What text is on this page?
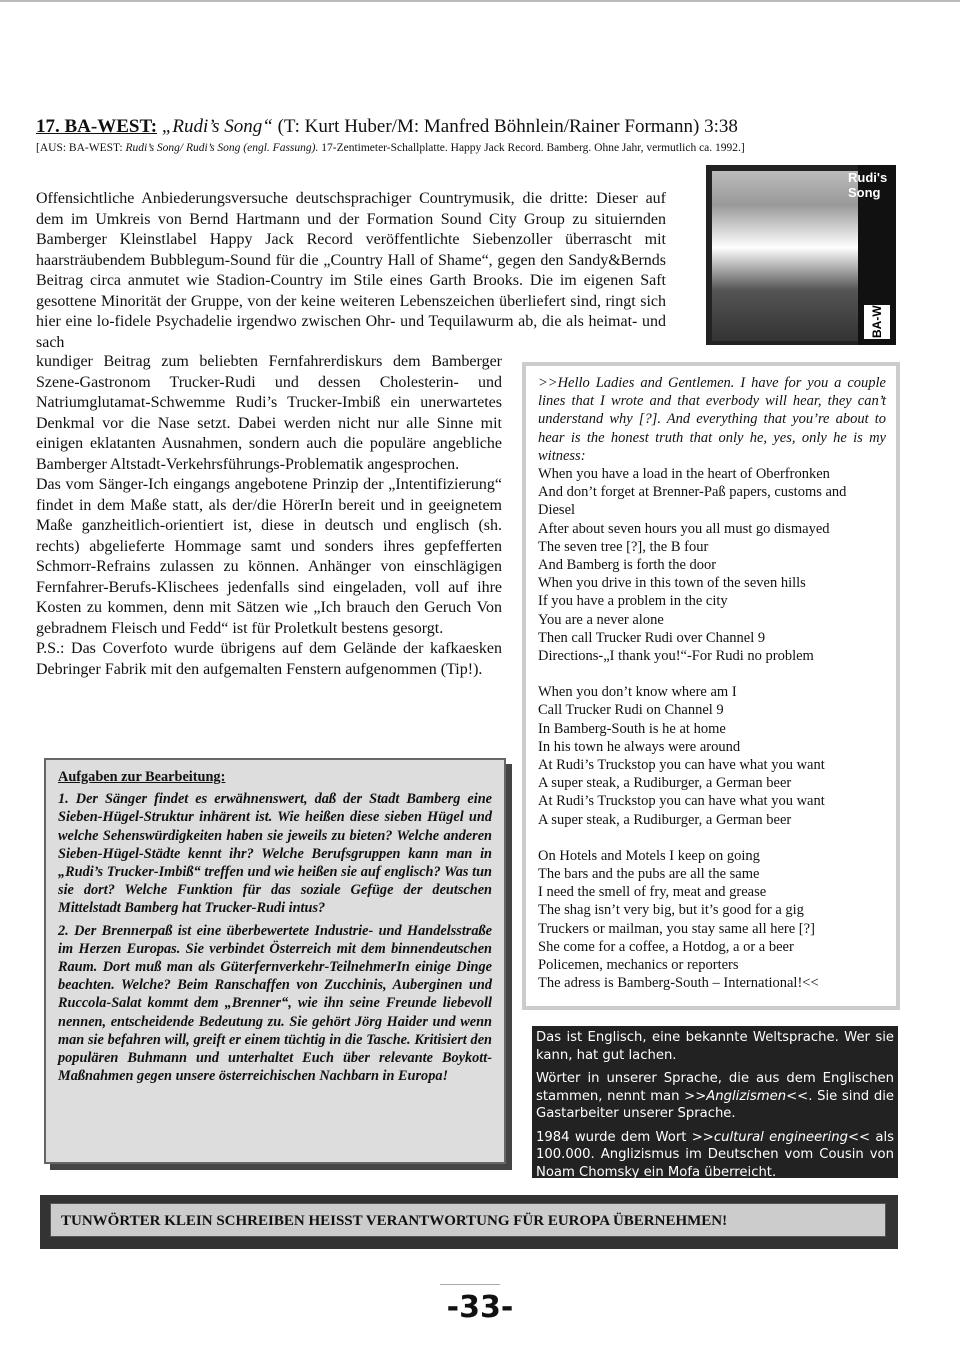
17. BA-WEST: „Rudi’s Song“ (T: Kurt Huber/M: Manfred Böhnlein/Rainer Formann) 3:38
[AUS: BA-WEST: Rudi’s Song/ Rudi’s Song (engl. Fassung). 17-Zentimeter-Schallplatte. Happy Jack Record. Bamberg. Ohne Jahr, vermutlich ca. 1992.]
Rudi's Song
BA-W
Offensichtliche Anbiederungsversuche deutschsprachiger Countrymusik, die dritte: Dieser auf dem im Umkreis von Bernd Hartmann und der Formation Sound City Group zu situiernden Bamberger Kleinstlabel Happy Jack Record veröffentlichte Siebenzoller überrascht mit haarsträubendem Bubblegum-Sound für die „Country Hall of Shame“, gegen den Sandy&Bernds Beitrag circa anmutet wie Stadion-Country im Stile eines Garth Brooks. Die im eigenen Saft gesottene Minorität der Gruppe, von der keine weiteren Lebenszeichen überliefert sind, ringt sich hier eine lo-fidele Psychadelie irgendwo zwischen Ohr- und Tequilawurm ab, die als heimat- und sach

kundiger Beitrag zum beliebten Fernfahrerdiskurs dem Bamberger Szene-Gastronom Trucker-Rudi und dessen Cholesterin- und Natriumglutamat-Schwemme Rudi’s Trucker-Imbiß ein unerwartetes Denkmal vor die Nase setzt. Dabei werden nicht nur alle Sinne mit einigen eklatanten Ausnahmen, sondern auch die populäre angebliche Bamberger Altstadt-Verkehrsführungs-Problematik angesprochen.

Das vom Sänger-Ich eingangs angebotene Prinzip der „Intentifizierung“ findet in dem Maße statt, als der/die HörerIn bereit und in geeignetem Maße ganzheitlich-orientiert ist, diese in deutsch und englisch (sh. rechts) abgelieferte Hommage samt und sonders ihres gepfefferten Schmorr-Refrains zulassen zu können. Anhänger von einschlägigen Fernfahrer-Berufs-Klischees jedenfalls sind eingeladen, voll auf ihre Kosten zu kommen, denn mit Sätzen wie „Ich brauch den Geruch Von gebradnem Fleisch und Fedd“ ist für Proletkult bestens gesorgt.

P.S.: Das Coverfoto wurde übrigens auf dem Gelände der kafkaesken Debringer Fabrik mit den aufgemalten Fenstern aufgenommen (Tip!).

>>Hello Ladies and Gentlemen. I have for you a couple lines that I wrote and that everbody will hear, they can’t understand why [?]. And everything that you’re about to hear is the honest truth that only he, yes, only he is my witness:

When you have a load in the heart of Oberfronken

And don’t forget at Brenner-Paß papers, customs and Diesel

After about seven hours you all must go dismayed

The seven tree [?], the B four

And Bamberg is forth the door

When you drive in this town of the seven hills

If you have a problem in the city

You are a never alone

Then call Trucker Rudi over Channel 9

Directions-„I thank you!“-For Rudi no problem

When you don’t know where am I

Call Trucker Rudi on Channel 9

In Bamberg-South is he at home

In his town he always were around

At Rudi’s Truckstop you can have what you want

A super steak, a Rudiburger, a German beer

At Rudi’s Truckstop you can have what you want

A super steak, a Rudiburger, a German beer

On Hotels and Motels I keep on going

The bars and the pubs are all the same

I need the smell of fry, meat and grease

The shag isn’t very big, but it’s good for a gig

Truckers or mailman, you stay same all here [?]

She come for a coffee, a Hotdog, a or a beer

Policemen, mechanics or reporters

The adress is Bamberg-South – International!<<

Aufgaben zur Bearbeitung:

1. Der Sänger findet es erwähnenswert, daß der Stadt Bamberg eine Sieben-Hügel-Struktur inhärent ist. Wie heißen diese sieben Hügel und welche Sehenswürdigkeiten haben sie jeweils zu bieten? Welche anderen Sieben-Hügel-Städte kennt ihr? Welche Berufsgruppen kann man in „Rudi’s Trucker-Imbiß“ treffen und wie heißen sie auf englisch? Was tun sie dort? Welche Funktion für das soziale Gefüge der deutschen Mittelstadt Bamberg hat Trucker-Rudi intus?

2. Der Brennerpaß ist eine überbewertete Industrie- und Handelsstraße im Herzen Europas. Sie verbindet Österreich mit dem binnendeutschen Raum. Dort muß man als Güterfernverkehr-TeilnehmerIn einige Dinge beachten. Welche? Beim Ranschaffen von Zucchinis, Auberginen und Ruccola-Salat kommt dem „Brenner“, wie ihn seine Freunde liebevoll nennen, entscheidende Bedeutung zu. Sie gehört Jörg Haider und wenn man sie befahren will, greift er einem tüchtig in die Tasche. Kritisiert den populären Buhmann und unterhaltet Euch über relevante Boykott-Maßnahmen gegen unsere österreichischen Nachbarn in Europa!

Das ist Englisch, eine bekannte Weltsprache. Wer sie kann, hat gut lachen.

Wörter in unserer Sprache, die aus dem Englischen stammen, nennt man >>Anglizismen<<. Sie sind die Gastarbeiter unserer Sprache.

1984 wurde dem Wort >>cultural engineering<< als 100.000. Anglizismus im Deutschen vom Cousin von Noam Chomsky ein Mofa überreicht.

TUNWÖRTER KLEIN SCHREIBEN HEISST VERANTWORTUNG FÜR EUROPA ÜBERNEHMEN!
-33-
